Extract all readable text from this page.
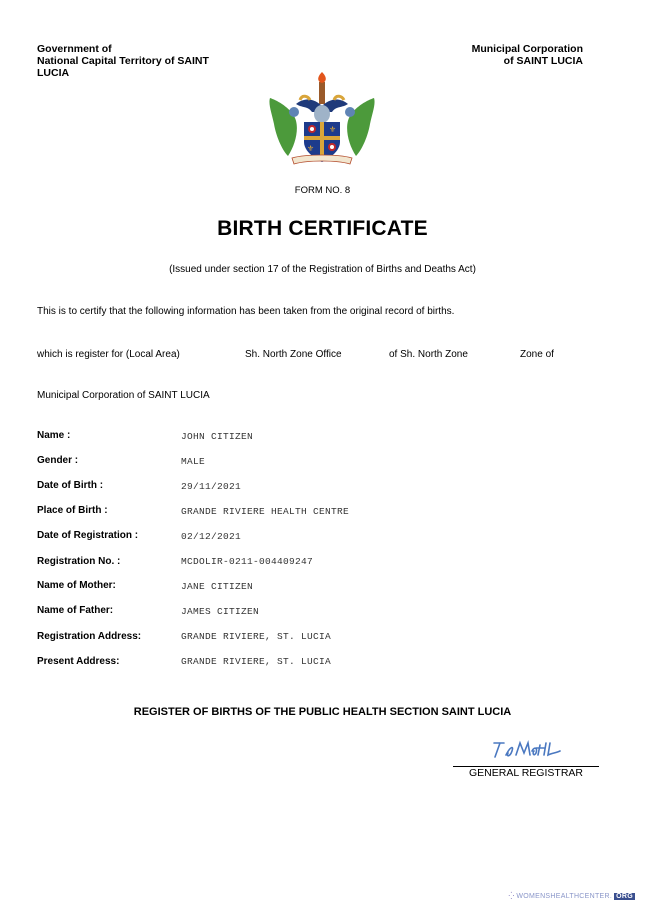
Government of
National Capital Territory of SAINT
LUCIA
Municipal Corporation
of SAINT LUCIA
⚜
⚜
FORM NO. 8
BIRTH CERTIFICATE
(Issued under section 17 of the Registration of Births and Deaths Act)
This is to certify that the following information has been taken from the original record of births.
which is register for (Local Area)	Sh. North Zone Office	of Sh. North Zone	Zone of
Municipal Corporation of SAINT LUCIA
Name :	JOHN CITIZEN
Gender :	MALE
Date of Birth :	29/11/2021
Place of Birth :	GRANDE RIVIERE HEALTH CENTRE
Date of Registration :	02/12/2021
Registration No. :	MCDOLIR-0211-004409247
Name of Mother:	JANE CITIZEN
Name of Father:	JAMES CITIZEN
Registration Address:	GRANDE RIVIERE, ST. LUCIA
Present Address:	GRANDE RIVIERE, ST. LUCIA
REGISTER OF BIRTHS OF THE PUBLIC HEALTH SECTION SAINT LUCIA
GENERAL REGISTRAR
⁛ WOMENSHEALTHCENTER. ORG
